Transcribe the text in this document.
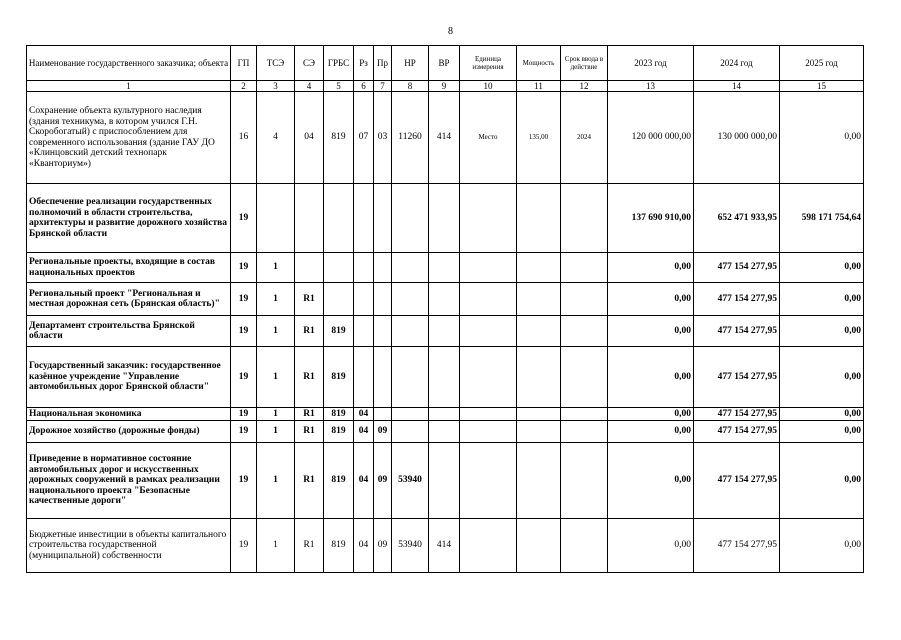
8
Наименование государственного заказчика; объекта	ГП	ТСЭ	СЭ	ГРБС	Рз	Пр	НР	ВР	Единица измерения	Мощность	Срок ввода в действие	2023 год	2024 год	2025 год
1	2	3	4	5	6	7	8	9	10	11	12	13	14	15
Сохранение объекта культурного наследия (здания техникума, в котором учился Г.Н. Скоробогатый) с приспособлением для современного использования (здание ГАУ ДО «Клинцовский детский технопарк «Кванториум»)	16	4	04	819	07	03	11260	414	Место	135,00	2024	120 000 000,00	130 000 000,00	0,00
Обеспечение реализации государственных полномочий в области строительства, архитектуры и развитие дорожного хозяйства Брянской области	19											137 690 910,00	652 471 933,95	598 171 754,64
Региональные проекты, входящие в состав национальных проектов	19	1										0,00	477 154 277,95	0,00
Региональный проект "Региональная и местная дорожная сеть (Брянская область)"	19	1	R1									0,00	477 154 277,95	0,00
Департамент строительства Брянской области	19	1	R1	819								0,00	477 154 277,95	0,00
Государственный заказчик: государственное казённое учреждение "Управление автомобильных дорог Брянской области"	19	1	R1	819								0,00	477 154 277,95	0,00
Национальная экономика	19	1	R1	819	04							0,00	477 154 277,95	0,00
Дорожное хозяйство (дорожные фонды)	19	1	R1	819	04	09						0,00	477 154 277,95	0,00
Приведение в нормативное состояние автомобильных дорог и искусственных дорожных сооружений в рамках реализации национального проекта "Безопасные качественные дороги"	19	1	R1	819	04	09	53940					0,00	477 154 277,95	0,00
Бюджетные инвестиции в объекты капитального строительства государственной (муниципальной) собственности	19	1	R1	819	04	09	53940	414				0,00	477 154 277,95	0,00
